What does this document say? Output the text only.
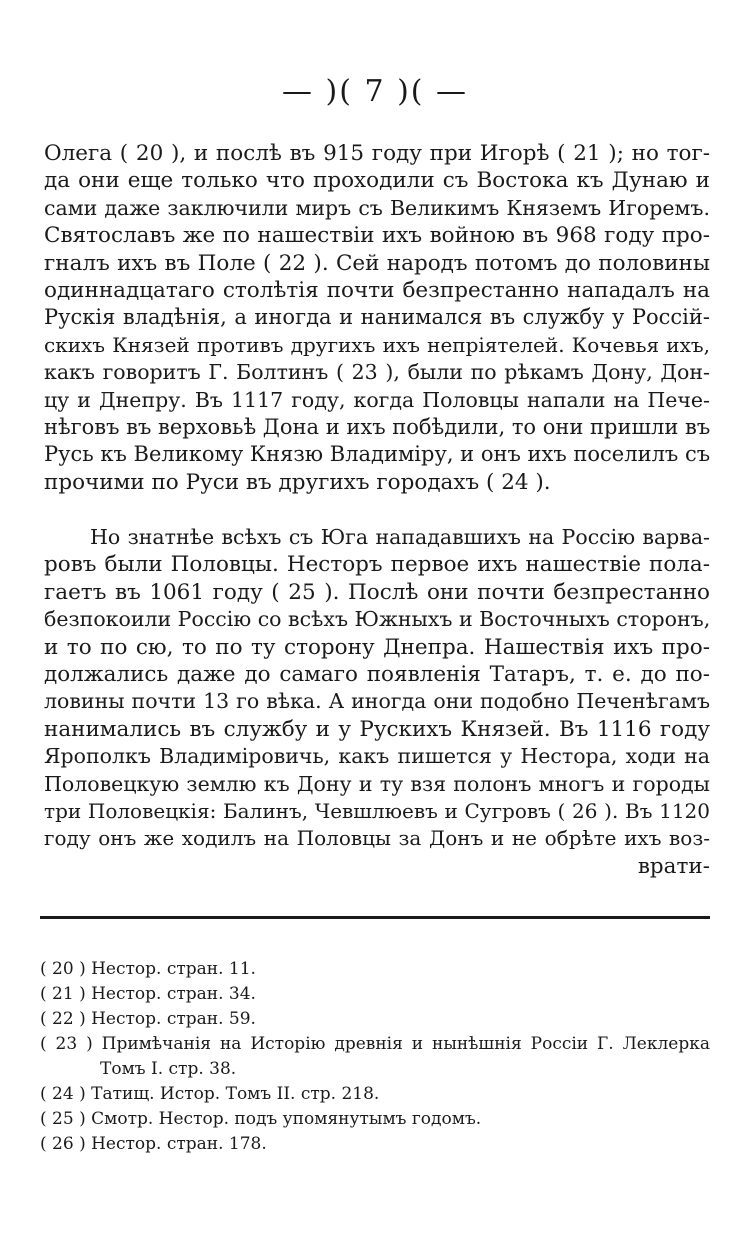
— )( 7 )( —
Олега ( 20 ), и послѣ въ 915 году при Игорѣ ( 21 ); но тог-
да они еще только что проходили съ Востока къ Дунаю и
сами даже заключили миръ съ Великимъ Княземъ Игоремъ.
Святославъ же по нашествіи ихъ войною въ 968 году про-
гналъ ихъ въ Поле ( 22 ). Сей народъ потомъ до половины
одиннадцатаго столѣтія почти безпрестанно нападалъ на
Рускія владѣнія, а иногда и нанимался въ службу у Россій-
скихъ Князей противъ другихъ ихъ непріятелей. Кочевья ихъ,
какъ говоритъ Г. Болтинъ ( 23 ), были по рѣкамъ Дону, Дон-
цу и Днепру. Въ 1117 году, когда Половцы напали на Пече-
нѣговъ въ верховьѣ Дона и ихъ побѣдили, то они пришли въ
Русь къ Великому Князю Владиміру, и онъ ихъ поселилъ съ
прочими по Руси въ другихъ городахъ ( 24 ).
Но знатнѣе всѣхъ съ Юга нападавшихъ на Россію варва-
ровъ были Половцы. Несторъ первое ихъ нашествіе пола-
гаетъ въ 1061 году ( 25 ). Послѣ они почти безпрестанно
безпокоили Россію со всѣхъ Южныхъ и Восточныхъ сторонъ,
и то по сю, то по ту сторону Днепра. Нашествія ихъ про-
должались даже до самаго появленія Татаръ, т. е. до по-
ловины почти 13 го вѣка. А иногда они подобно Печенѣгамъ
нанимались въ службу и у Рускихъ Князей. Въ 1116 году
Ярополкъ Владиміровичь, какъ пишется у Нестора, ходи на
Половецкую землю къ Дону и ту взя полонъ многъ и городы
три Половецкія: Балинъ, Чевшлюевъ и Сугровъ ( 26 ). Въ 1120
году онъ же ходилъ на Половцы за Донъ и не обрѣте ихъ воз-
врати-
( 20 ) Нестор. стран. 11.
( 21 ) Нестор. стран. 34.
( 22 ) Нестор. стран. 59.
( 23 ) Примѣчанія на Исторію древнія и нынѣшнія Россіи Г. Леклерка
Томъ I. стр. 38.
( 24 ) Татищ. Истор. Томъ II. стр. 218.
( 25 ) Смотр. Нестор. подъ упомянутымъ годомъ.
( 26 ) Нестор. стран. 178.
